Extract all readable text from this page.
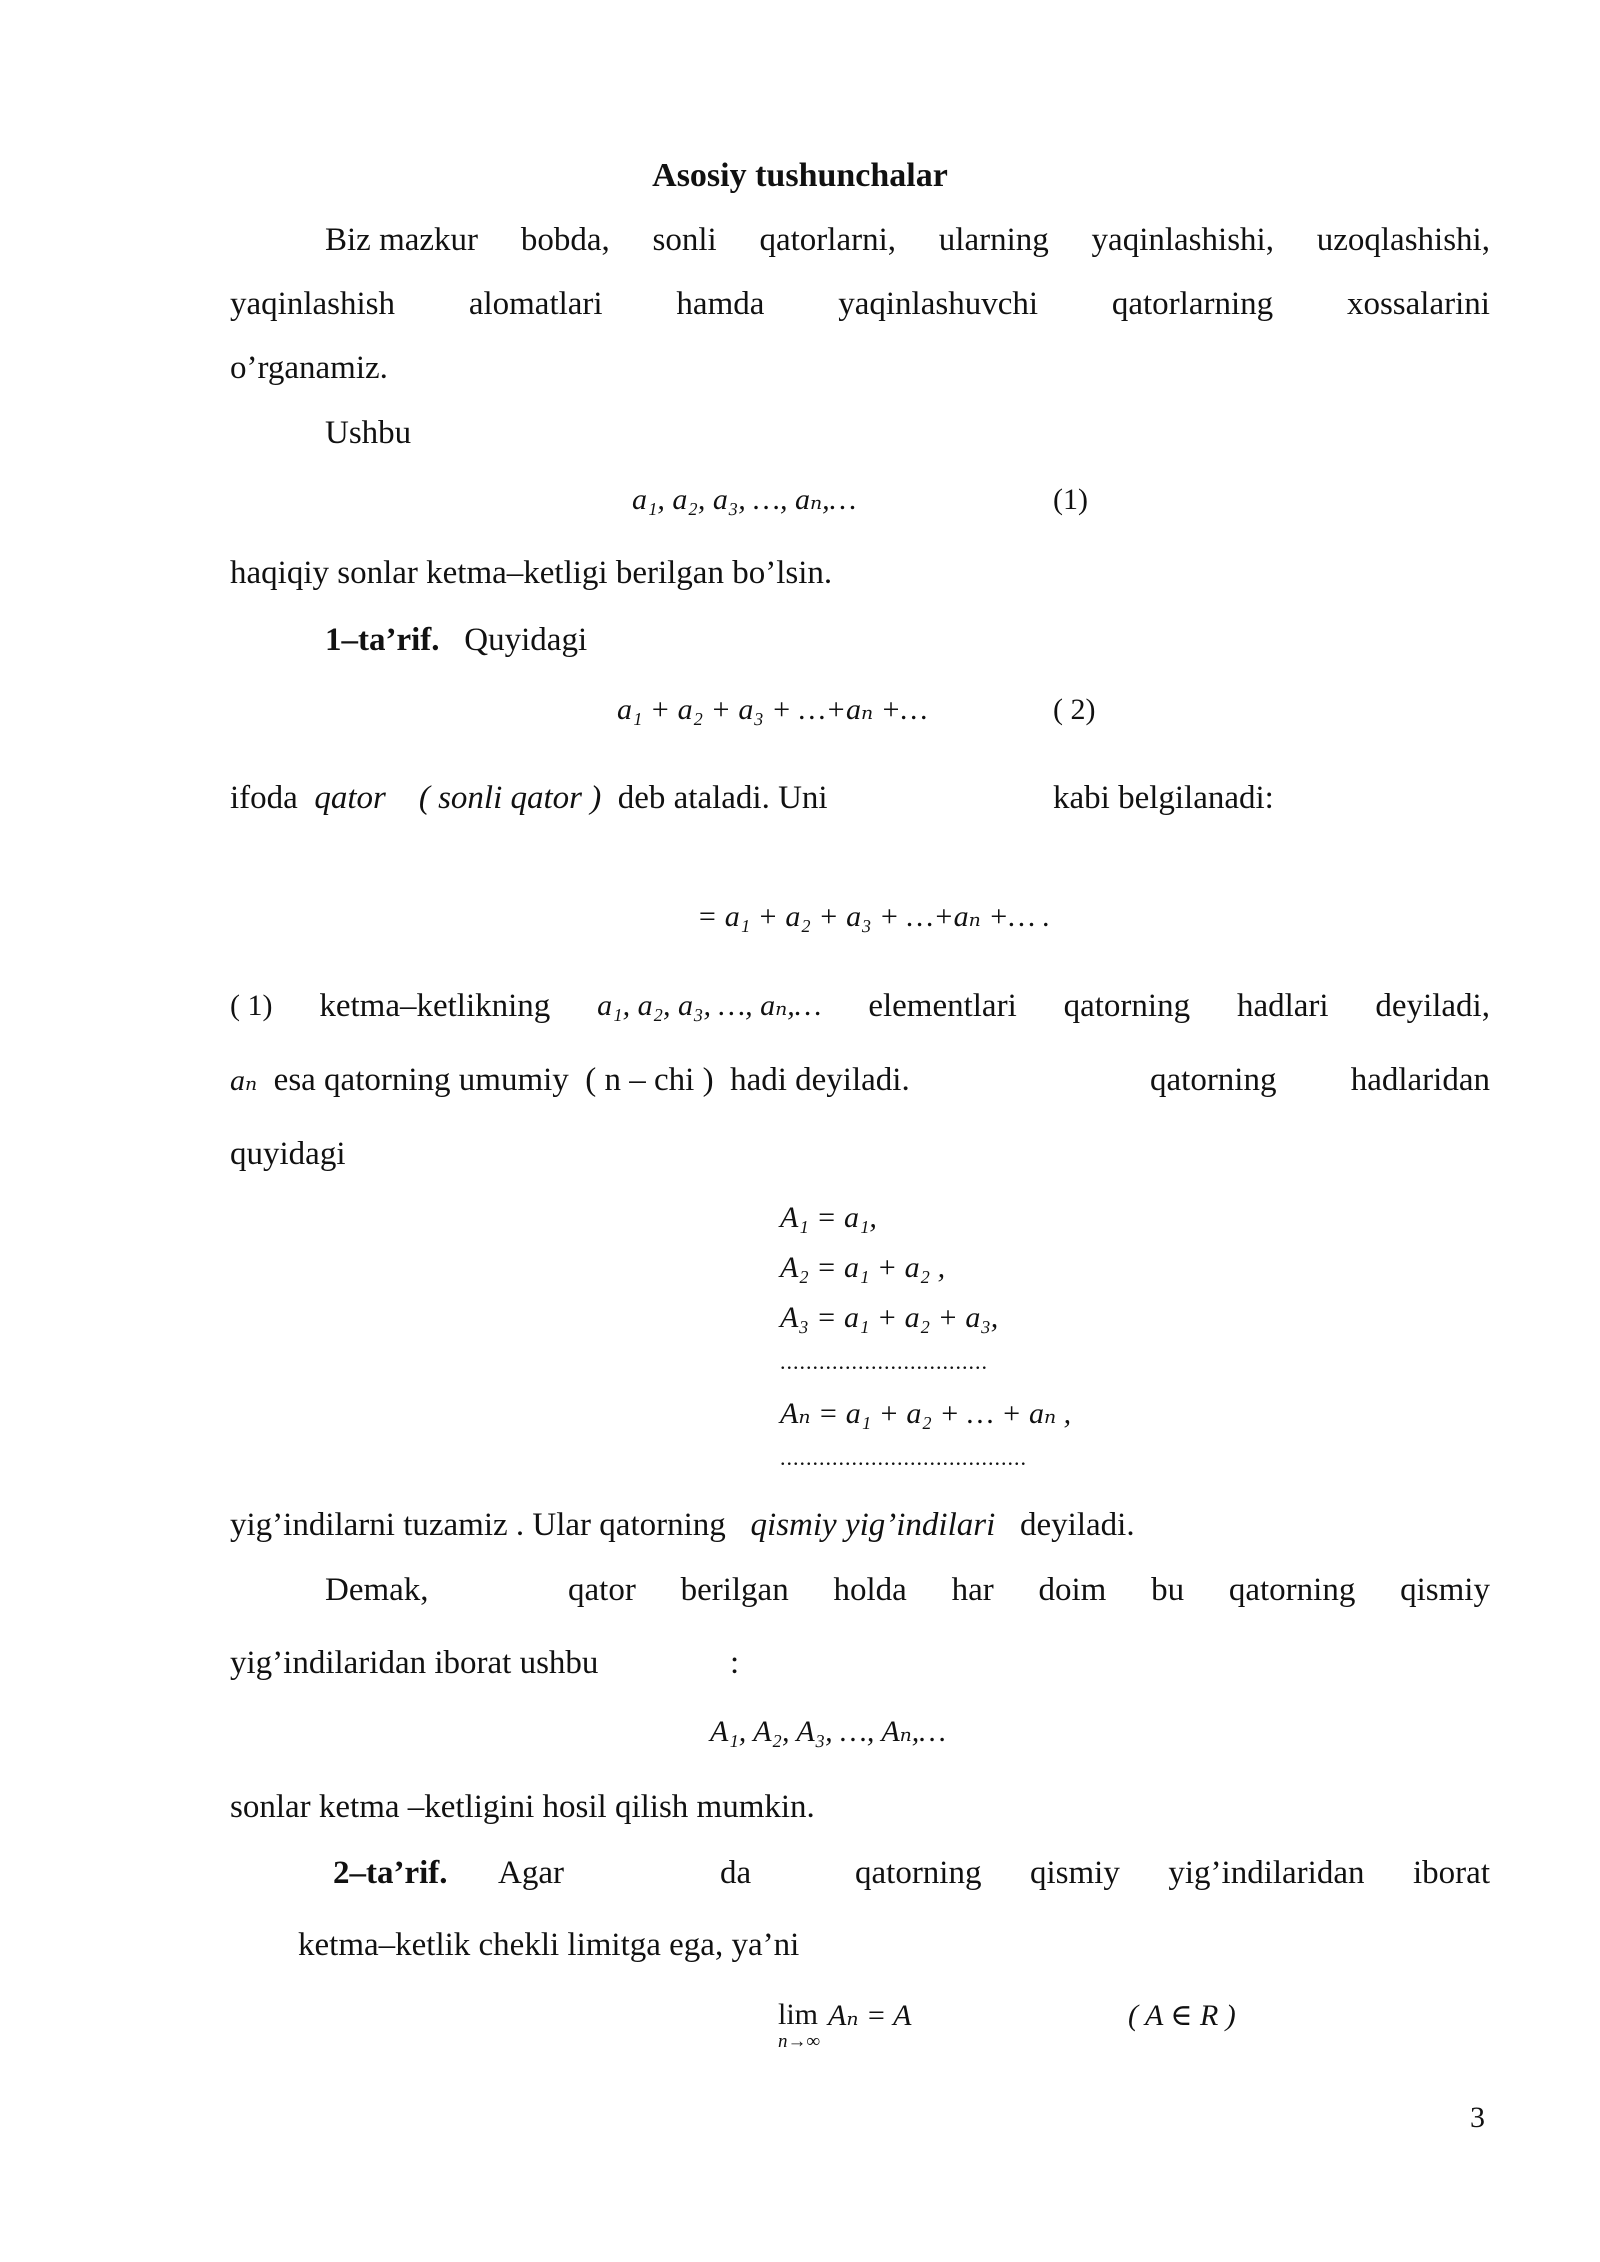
Asosiy tushunchalar
Biz mazkur bobda, sonli qatorlarni, ularning yaqinlashishi, uzoqlashishi,
yaqinlashish alomatlari hamda yaqinlashuvchi qatorlarning xossalarini
o’rganamiz.
Ushbu
a₁, a₂, a₃, …, aₙ,…	(1)
haqiqiy sonlar ketma–ketligi berilgan bo’lsin.
1–ta’rif. Quyidagi
a₁ + a₂ + a₃ + …+aₙ +…	( 2)
ifoda qator ( sonli qator ) deb ataladi. Uni	kabi belgilanadi:
= a₁ + a₂ + a₃ + …+aₙ +… .
( 1) ketma–ketlikning a₁, a₂, a₃, …, aₙ,… elementlari qatorning hadlari deyiladi,
aₙ esa qatorning umumiy ( n – chi ) hadi deyiladi.	qatorning hadlaridan
quyidagi
A₁ = a₁,
A₂ = a₁ + a₂ ,
A₃ = a₁ + a₂ + a₃,
................................
Aₙ = a₁ + a₂ + … + aₙ ,
......................................
yig’indilarni tuzamiz . Ular qatorning qismiy yig’indilari deyiladi.
Demak,	qator berilgan holda har doim bu qatorning qismiy
yig’indilaridan iborat ushbu	:
A₁, A₂, A₃, …, Aₙ,…
sonlar ketma –ketligini hosil qilish mumkin.
2–ta’rif. Agar	da	qatorning qismiy yig’indilaridan iborat
ketma–ketlik chekli limitga ega, ya’ni
lim
n→∞
Aₙ = A	( A ∈ R )
3
